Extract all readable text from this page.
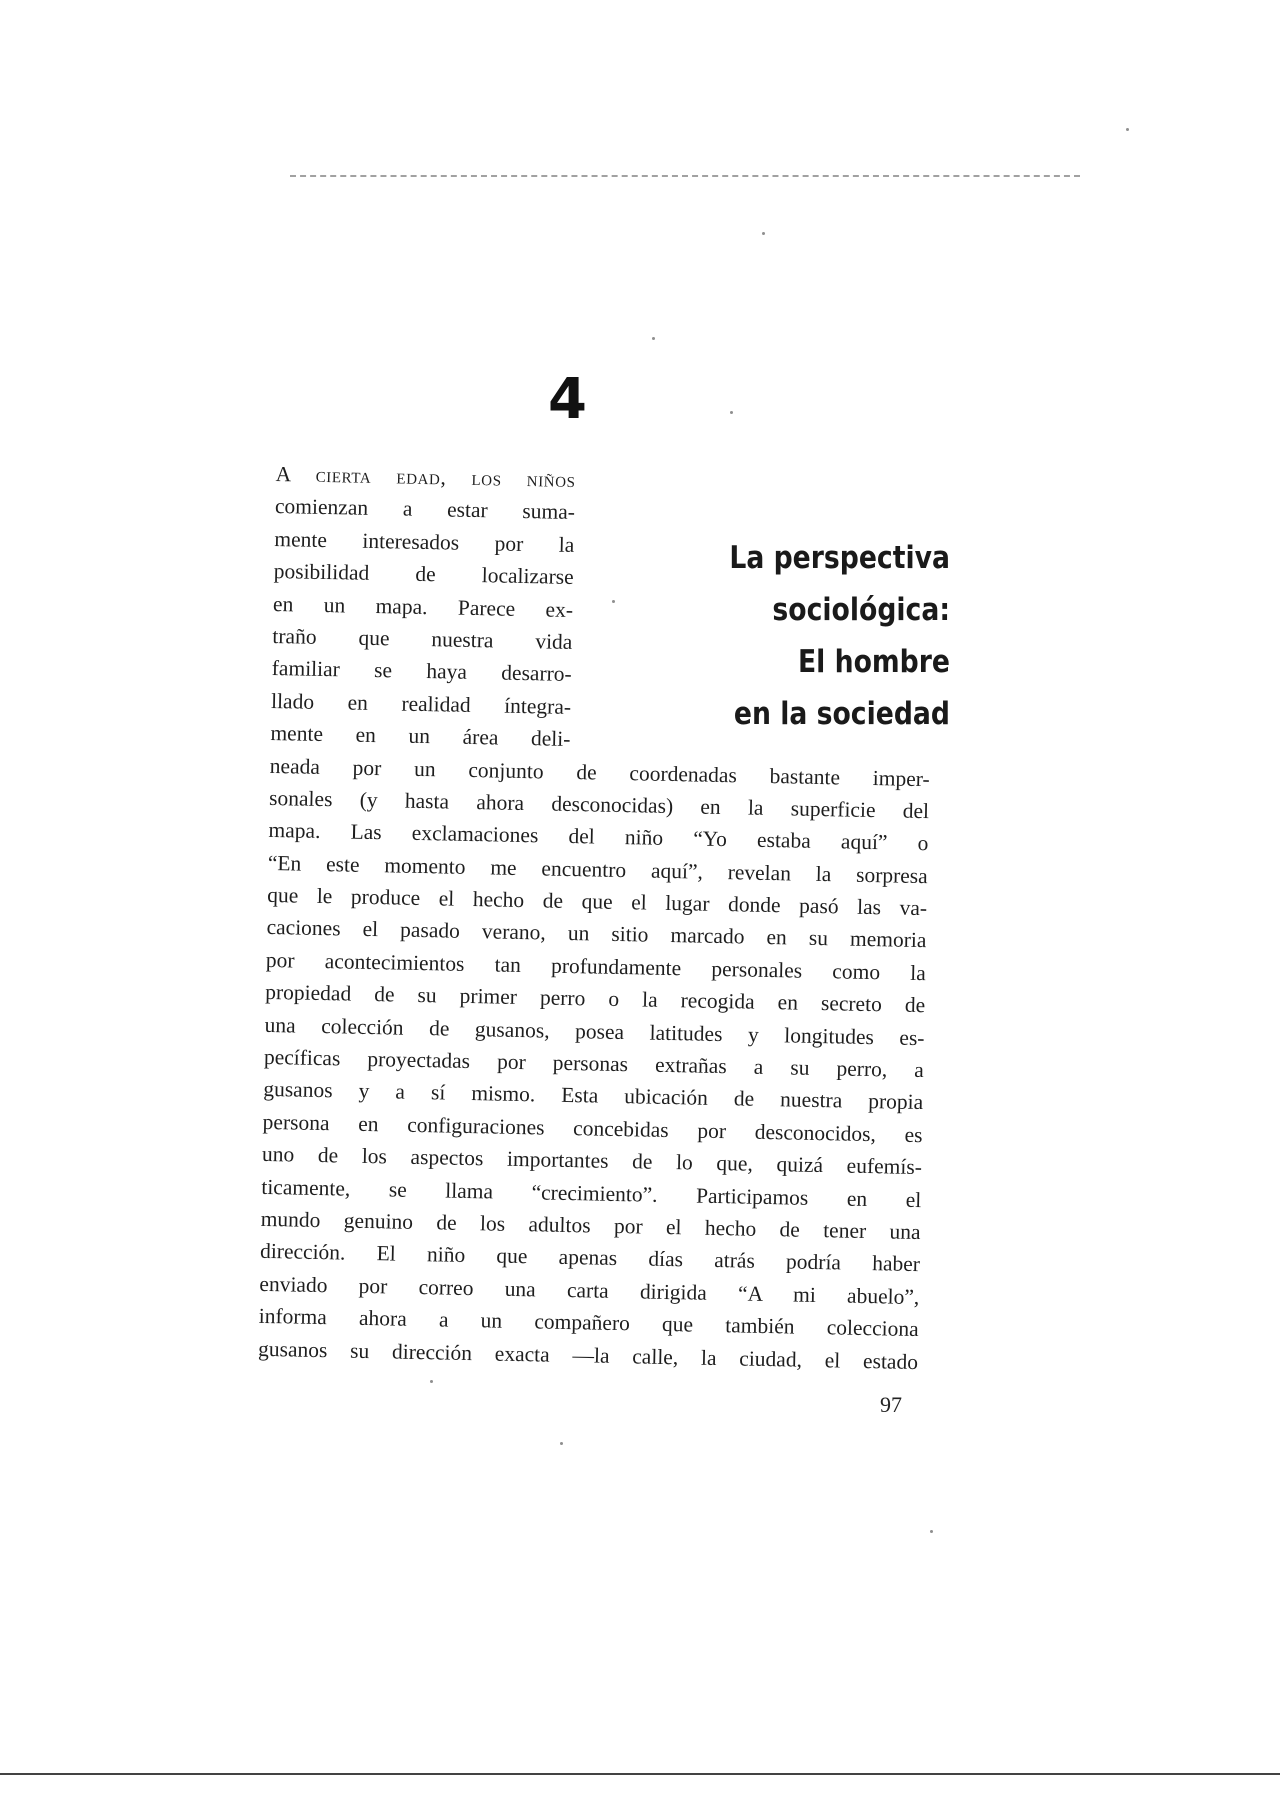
4
La perspectiva
sociológica:
El hombre
en la sociedad
A cierta edad, los niños
comienzan a estar suma-
mente interesados por la
posibilidad de localizarse
en un mapa. Parece ex-
traño que nuestra vida
familiar se haya desarro-
llado en realidad íntegra-
mente en un área deli-
neada por un conjunto de coordenadas bastante imper-
sonales (y hasta ahora desconocidas) en la superficie del
mapa. Las exclamaciones del niño “Yo estaba aquí” o
“En este momento me encuentro aquí”, revelan la sorpresa
que le produce el hecho de que el lugar donde pasó las va-
caciones el pasado verano, un sitio marcado en su memoria
por acontecimientos tan profundamente personales como la
propiedad de su primer perro o la recogida en secreto de
una colección de gusanos, posea latitudes y longitudes es-
pecíficas proyectadas por personas extrañas a su perro, a
gusanos y a sí mismo. Esta ubicación de nuestra propia
persona en configuraciones concebidas por desconocidos, es
uno de los aspectos importantes de lo que, quizá eufemís-
ticamente, se llama “crecimiento”. Participamos en el
mundo genuino de los adultos por el hecho de tener una
dirección. El niño que apenas días atrás podría haber
enviado por correo una carta dirigida “A mi abuelo”,
informa ahora a un compañero que también colecciona
gusanos su dirección exacta —la calle, la ciudad, el estado
97
